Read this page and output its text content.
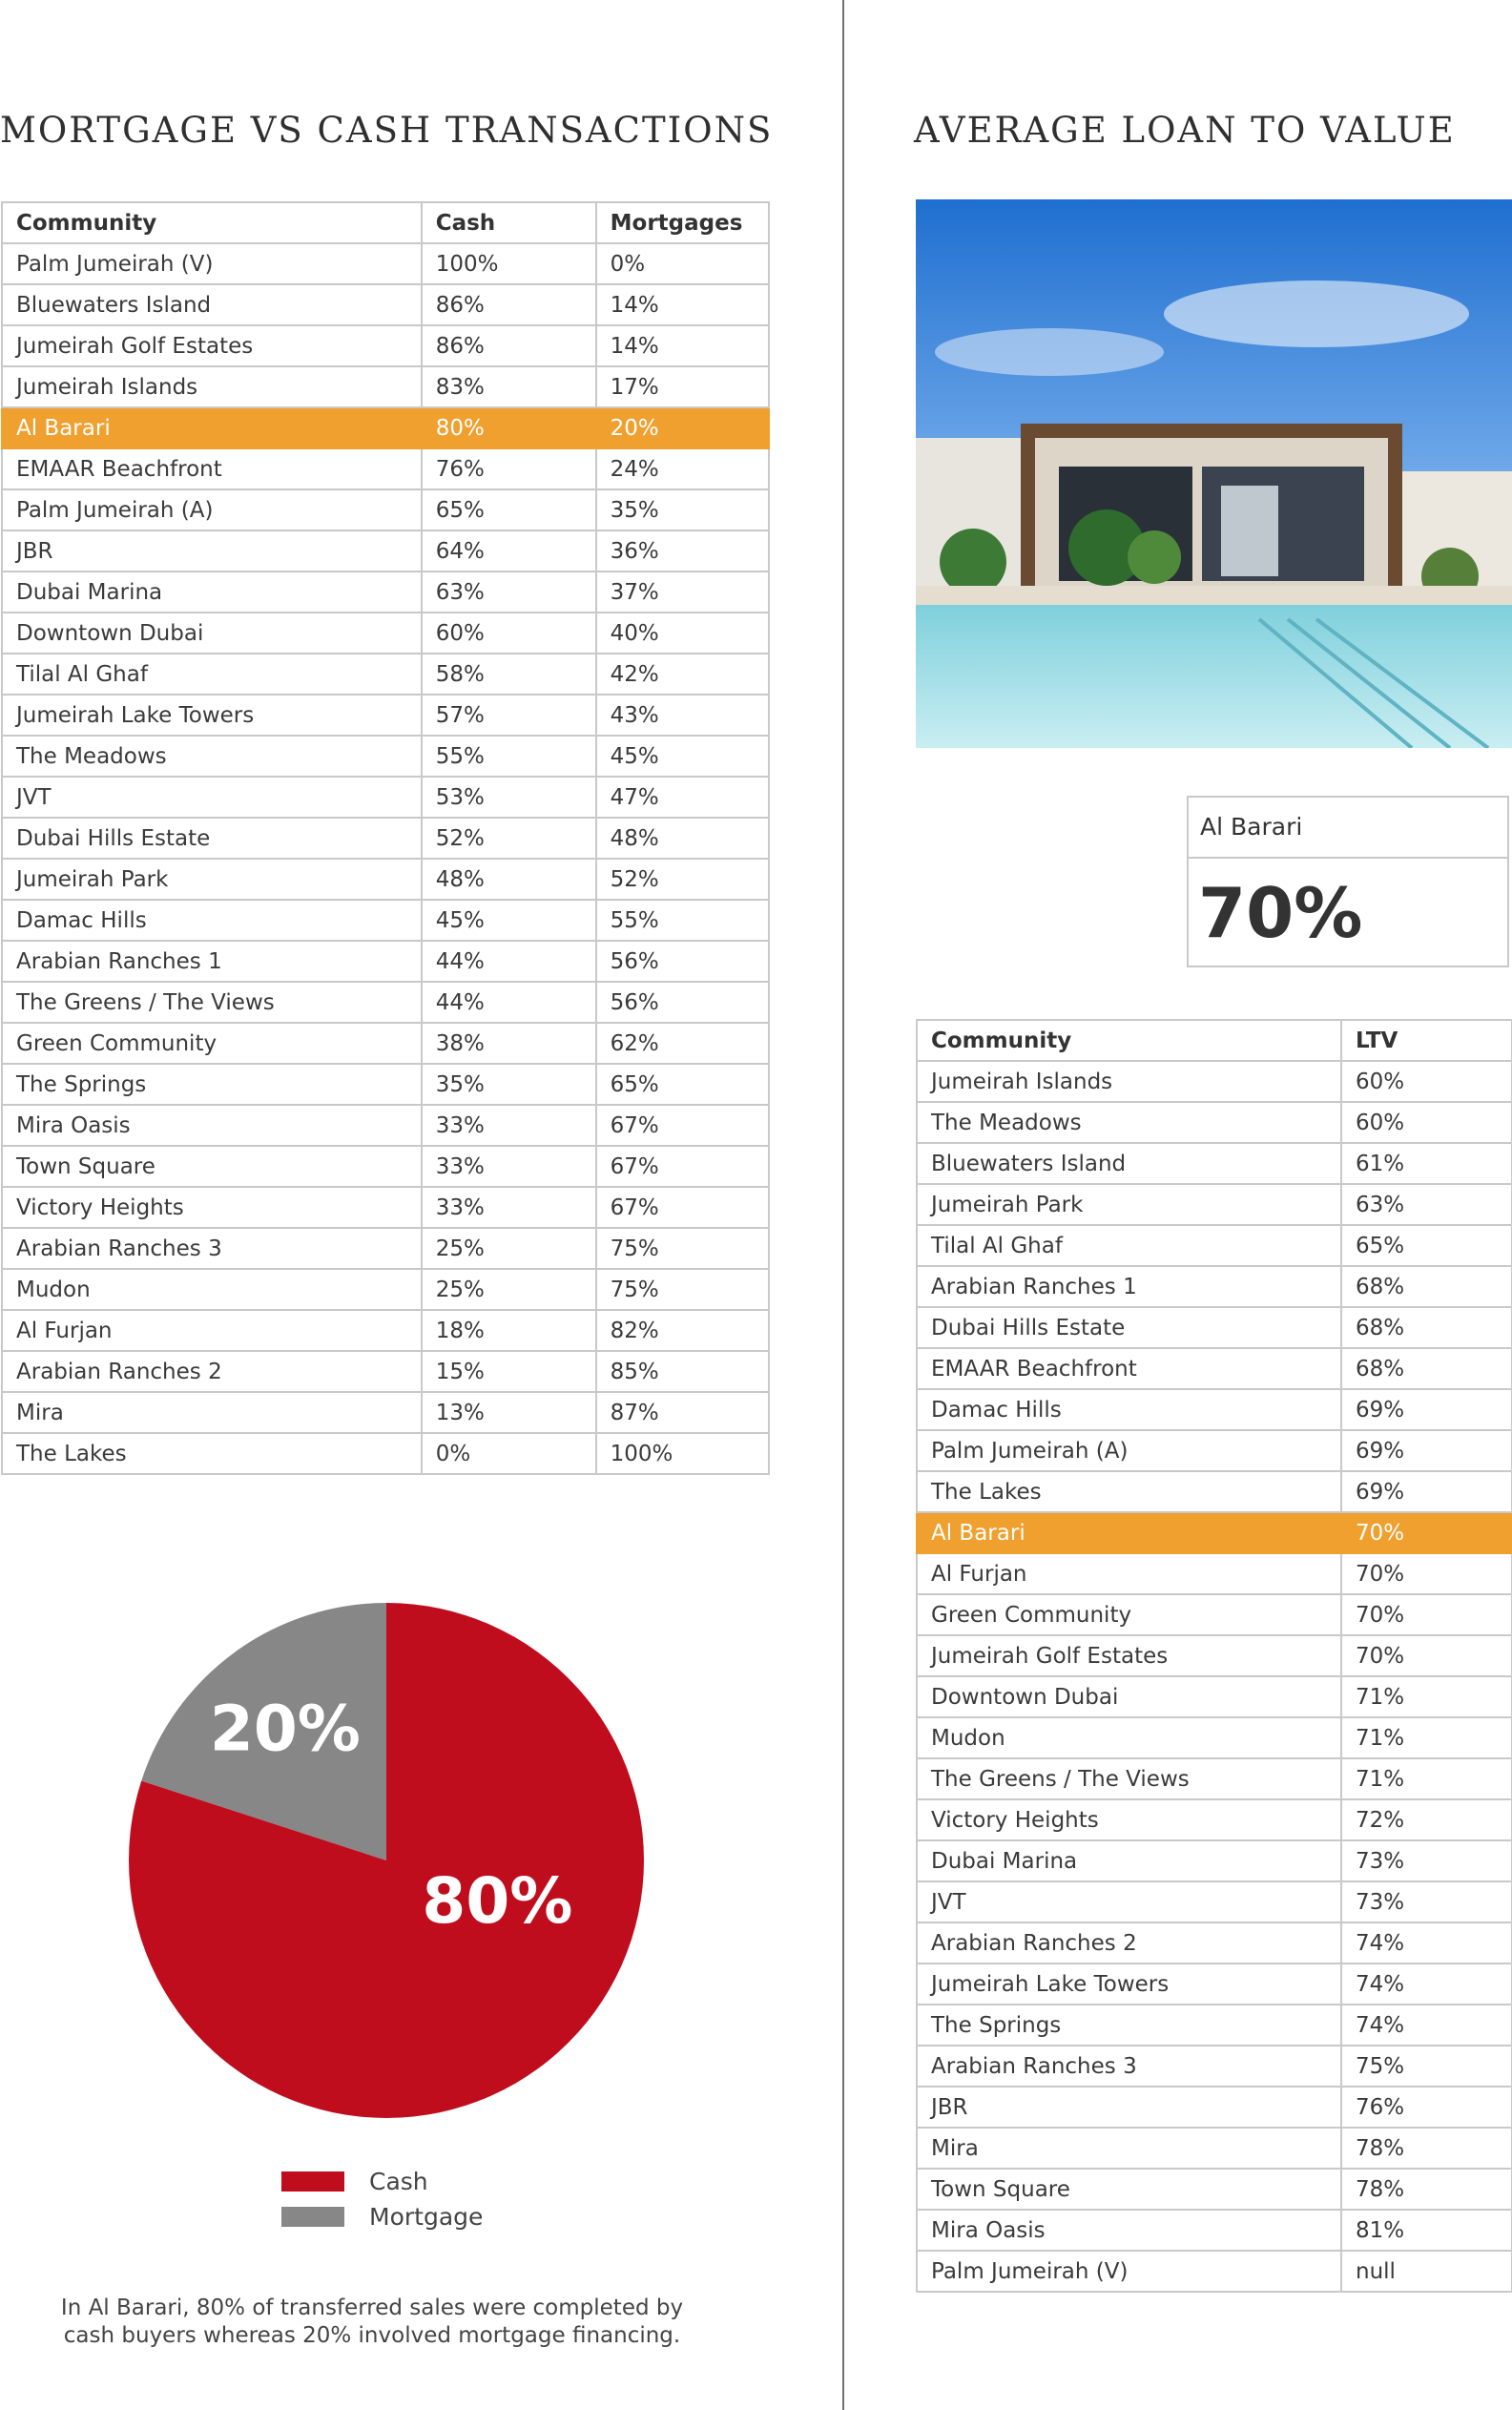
MORTGAGE VS CASH TRANSACTIONS
Community	Cash	Mortgages
Palm Jumeirah (V)	100%	0%
Bluewaters Island	86%	14%
Jumeirah Golf Estates	86%	14%
Jumeirah Islands	83%	17%
Al Barari	80%	20%
EMAAR Beachfront	76%	24%
Palm Jumeirah (A)	65%	35%
JBR	64%	36%
Dubai Marina	63%	37%
Downtown Dubai	60%	40%
Tilal Al Ghaf	58%	42%
Jumeirah Lake Towers	57%	43%
The Meadows	55%	45%
JVT	53%	47%
Dubai Hills Estate	52%	48%
Jumeirah Park	48%	52%
Damac Hills	45%	55%
Arabian Ranches 1	44%	56%
The Greens / The Views	44%	56%
Green Community	38%	62%
The Springs	35%	65%
Mira Oasis	33%	67%
Town Square	33%	67%
Victory Heights	33%	67%
Arabian Ranches 3	25%	75%
Mudon	25%	75%
Al Furjan	18%	82%
Arabian Ranches 2	15%	85%
Mira	13%	87%
The Lakes	0%	100%
20%
80%
Cash
Mortgage

In Al Barari, 80% of transferred sales were completed by cash buyers whereas 20% involved mortgage financing.

AVERAGE LOAN TO VALUE
Al Barari
70%
Community	LTV
Jumeirah Islands	60%
The Meadows	60%
Bluewaters Island	61%
Jumeirah Park	63%
Tilal Al Ghaf	65%
Arabian Ranches 1	68%
Dubai Hills Estate	68%
EMAAR Beachfront	68%
Damac Hills	69%
Palm Jumeirah (A)	69%
The Lakes	69%
Al Barari	70%
Al Furjan	70%
Green Community	70%
Jumeirah Golf Estates	70%
Downtown Dubai	71%
Mudon	71%
The Greens / The Views	71%
Victory Heights	72%
Dubai Marina	73%
JVT	73%
Arabian Ranches 2	74%
Jumeirah Lake Towers	74%
The Springs	74%
Arabian Ranches 3	75%
JBR	76%
Mira	78%
Town Square	78%
Mira Oasis	81%
Palm Jumeirah (V)	null
